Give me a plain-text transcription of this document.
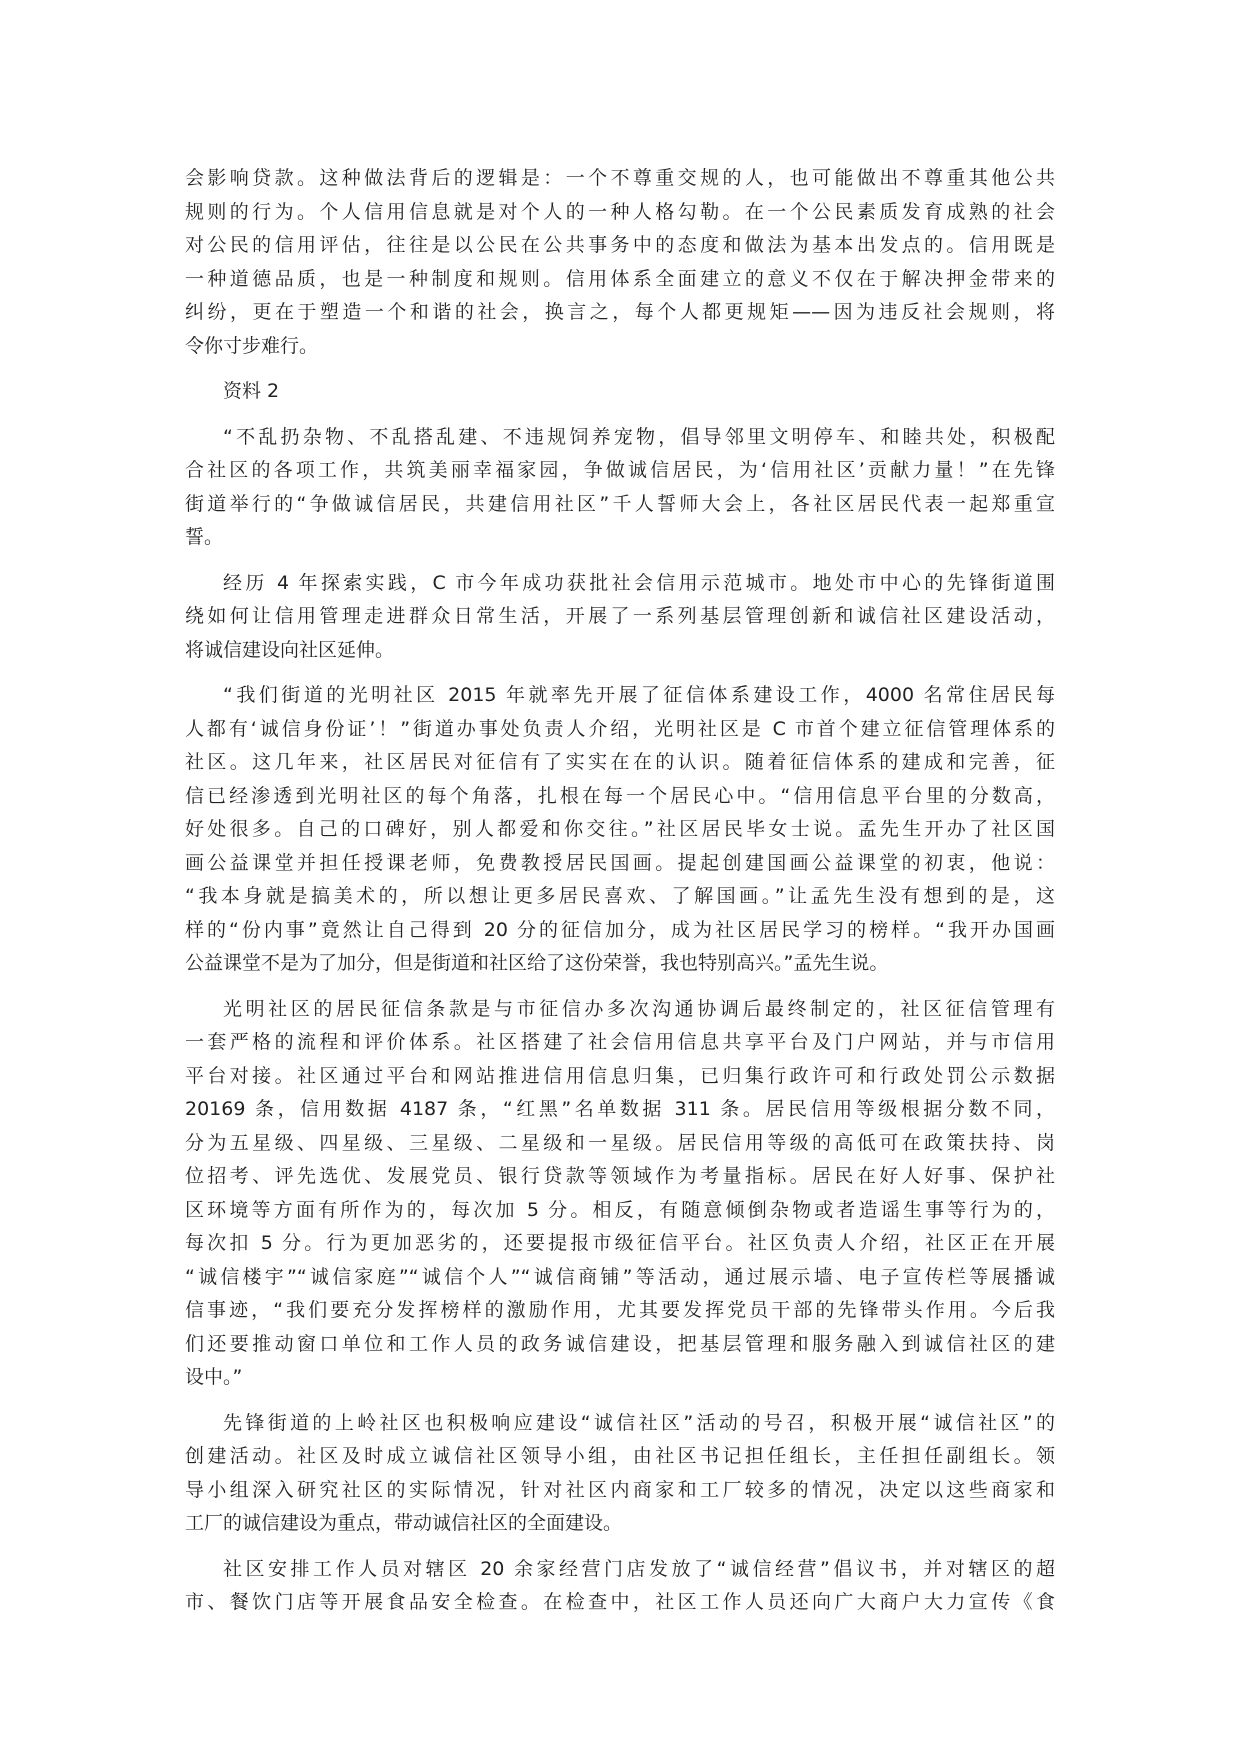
会影响贷款。这种做法背后的逻辑是：一个不尊重交规的人，也可能做出不尊重其他公共
规则的行为。个人信用信息就是对个人的一种人格勾勒。在一个公民素质发育成熟的社会
对公民的信用评估，往往是以公民在公共事务中的态度和做法为基本出发点的。信用既是
一种道德品质，也是一种制度和规则。信用体系全面建立的意义不仅在于解决押金带来的
纠纷，更在于塑造一个和谐的社会，换言之，每个人都更规矩——因为违反社会规则，将
令你寸步难行。
资料 2
“不乱扔杂物、不乱搭乱建、不违规饲养宠物，倡导邻里文明停车、和睦共处，积极配
合社区的各项工作，共筑美丽幸福家园，争做诚信居民，为‘信用社区’贡献力量！”在先锋
街道举行的“争做诚信居民，共建信用社区”千人誓师大会上，各社区居民代表一起郑重宣
誓。
经历 4 年探索实践，C 市今年成功获批社会信用示范城市。地处市中心的先锋街道围
绕如何让信用管理走进群众日常生活，开展了一系列基层管理创新和诚信社区建设活动，
将诚信建设向社区延伸。
“我们街道的光明社区 2015 年就率先开展了征信体系建设工作，4000 名常住居民每
人都有‘诚信身份证’！”街道办事处负责人介绍，光明社区是 C 市首个建立征信管理体系的
社区。这几年来，社区居民对征信有了实实在在的认识。随着征信体系的建成和完善，征
信已经渗透到光明社区的每个角落，扎根在每一个居民心中。“信用信息平台里的分数高，
好处很多。自己的口碑好，别人都爱和你交往。”社区居民毕女士说。孟先生开办了社区国
画公益课堂并担任授课老师，免费教授居民国画。提起创建国画公益课堂的初衷，他说：
“我本身就是搞美术的，所以想让更多居民喜欢、了解国画。”让孟先生没有想到的是，这
样的“份内事”竟然让自己得到 20 分的征信加分，成为社区居民学习的榜样。“我开办国画
公益课堂不是为了加分，但是街道和社区给了这份荣誉，我也特别高兴。”孟先生说。
光明社区的居民征信条款是与市征信办多次沟通协调后最终制定的，社区征信管理有
一套严格的流程和评价体系。社区搭建了社会信用信息共享平台及门户网站，并与市信用
平台对接。社区通过平台和网站推进信用信息归集，已归集行政许可和行政处罚公示数据
20169 条，信用数据 4187 条，“红黑”名单数据 311 条。居民信用等级根据分数不同，
分为五星级、四星级、三星级、二星级和一星级。居民信用等级的高低可在政策扶持、岗
位招考、评先选优、发展党员、银行贷款等领域作为考量指标。居民在好人好事、保护社
区环境等方面有所作为的，每次加 5 分。相反，有随意倾倒杂物或者造谣生事等行为的，
每次扣 5 分。行为更加恶劣的，还要提报市级征信平台。社区负责人介绍，社区正在开展
“诚信楼宇”“诚信家庭”“诚信个人”“诚信商铺”等活动，通过展示墙、电子宣传栏等展播诚
信事迹，“我们要充分发挥榜样的激励作用，尤其要发挥党员干部的先锋带头作用。今后我
们还要推动窗口单位和工作人员的政务诚信建设，把基层管理和服务融入到诚信社区的建
设中。”
先锋街道的上岭社区也积极响应建设“诚信社区”活动的号召，积极开展“诚信社区”的
创建活动。社区及时成立诚信社区领导小组，由社区书记担任组长，主任担任副组长。领
导小组深入研究社区的实际情况，针对社区内商家和工厂较多的情况，决定以这些商家和
工厂的诚信建设为重点，带动诚信社区的全面建设。
社区安排工作人员对辖区 20 余家经营门店发放了“诚信经营”倡议书，并对辖区的超
市、餐饮门店等开展食品安全检查。在检查中，社区工作人员还向广大商户大力宣传《食
